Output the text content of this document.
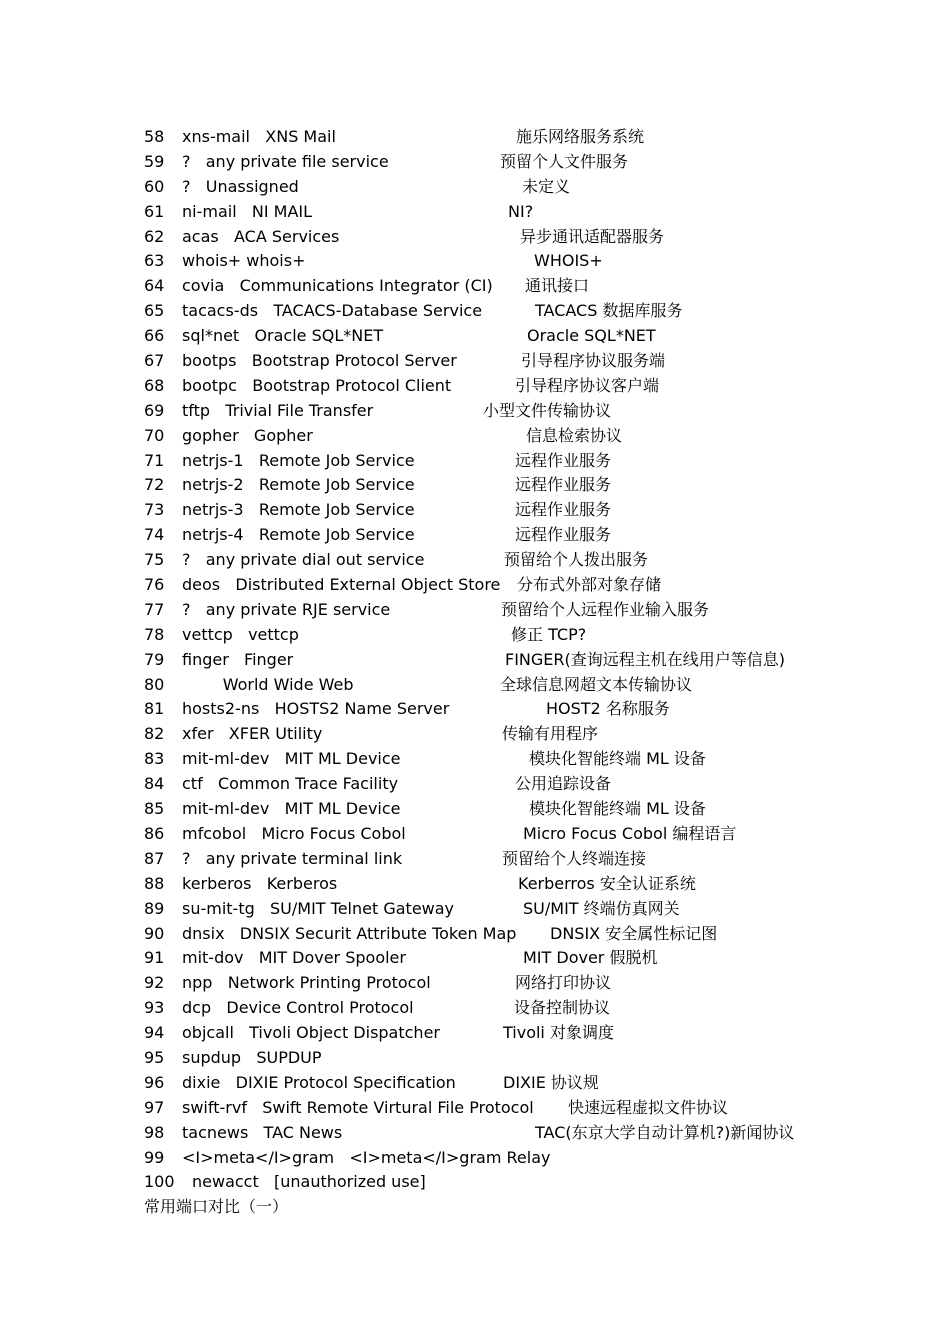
58 xns-mail   XNS Mail	施乐网络服务系统
59 ?   any private file service	预留个人文件服务
60 ?   Unassigned	未定义
61 ni-mail   NI MAIL	NI?
62 acas   ACA Services	异步通讯适配器服务
63 whois+ whois+	WHOIS+
64 covia   Communications Integrator (CI) 通讯接口
65 tacacs-ds   TACACS-Database Service	TACACS 数据库服务
66 sql*net   Oracle SQL*NET	Oracle SQL*NET
67 bootps   Bootstrap Protocol Server	引导程序协议服务端
68 bootpc   Bootstrap Protocol Client	引导程序协议客户端
69 tftp   Trivial File Transfer	小型文件传输协议
70 gopher   Gopher	信息检索协议
71 netrjs-1   Remote Job Service	远程作业服务
72 netrjs-2   Remote Job Service	远程作业服务
73 netrjs-3   Remote Job Service	远程作业服务
74 netrjs-4   Remote Job Service	远程作业服务
75 ?   any private dial out service	预留给个人拨出服务
76 deos   Distributed External Object Store 分布式外部对象存储
77 ?   any private RJE service	预留给个人远程作业输入服务
78 vettcp   vettcp	修正 TCP?
79 finger   Finger	FINGER(查询远程主机在线用户等信息)
80 World Wide Web	全球信息网超文本传输协议
81 hosts2-ns   HOSTS2 Name Server	HOST2 名称服务
82 xfer   XFER Utility	传输有用程序
83 mit-ml-dev   MIT ML Device	模块化智能终端 ML 设备
84 ctf   Common Trace Facility	公用追踪设备
85 mit-ml-dev   MIT ML Device	模块化智能终端 ML 设备
86 mfcobol   Micro Focus Cobol	Micro Focus Cobol 编程语言
87 ?   any private terminal link	预留给个人终端连接
88 kerberos   Kerberos	Kerberros 安全认证系统
89 su-mit-tg   SU/MIT Telnet Gateway	SU/MIT 终端仿真网关
90 dnsix   DNSIX Securit Attribute Token Map DNSIX 安全属性标记图
91 mit-dov   MIT Dover Spooler	MIT Dover 假脱机
92 npp   Network Printing Protocol	网络打印协议
93 dcp   Device Control Protocol	设备控制协议
94 objcall   Tivoli Object Dispatcher	Tivoli 对象调度
95 supdup   SUPDUP
96 dixie   DIXIE Protocol Specification	DIXIE 协议规
97 swift-rvf   Swift Remote Virtural File Protocol 快速远程虚拟文件协议
98 tacnews   TAC News	TAC(东京大学自动计算机?)新闻协议
99 <I>meta</I>gram   <I>meta</I>gram Relay
100 newacct   [unauthorized use]
常用端口对比（一）
